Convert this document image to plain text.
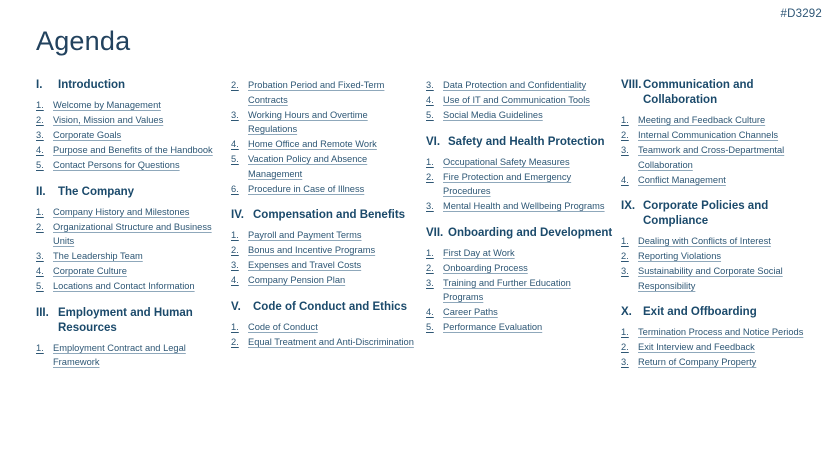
#D3292
Agenda
I.	Introduction
1. Welcome by Management
2. Vision, Mission and Values
3. Corporate Goals
4. Purpose and Benefits of the Handbook
5. Contact Persons for Questions
II.	The Company
1. Company History and Milestones
2. Organizational Structure and Business Units
3. The Leadership Team
4. Corporate Culture
5. Locations and Contact Information
III. Employment and Human Resources
1. Employment Contract and Legal Framework
2. Probation Period and Fixed-Term Contracts
3. Working Hours and Overtime Regulations
4. Home Office and Remote Work
5. Vacation Policy and Absence Management
6. Procedure in Case of Illness
IV. Compensation and Benefits
1. Payroll and Payment Terms
2. Bonus and Incentive Programs
3. Expenses and Travel Costs
4. Company Pension Plan
V.	Code of Conduct and Ethics
1. Code of Conduct
2. Equal Treatment and Anti-Discrimination
3. Data Protection and Confidentiality
4. Use of IT and Communication Tools
5. Social Media Guidelines
VI. Safety and Health Protection
1. Occupational Safety Measures
2. Fire Protection and Emergency Procedures
3. Mental Health and Wellbeing Programs
VII. Onboarding and Development
1. First Day at Work
2. Onboarding Process
3. Training and Further Education Programs
4. Career Paths
5. Performance Evaluation
VIII. Communication and Collaboration
1. Meeting and Feedback Culture
2. Internal Communication Channels
3. Teamwork and Cross-Departmental Collaboration
4. Conflict Management
IX. Corporate Policies and Compliance
1. Dealing with Conflicts of Interest
2. Reporting Violations
3. Sustainability and Corporate Social Responsibility
X. Exit and Offboarding
1. Termination Process and Notice Periods
2. Exit Interview and Feedback
3. Return of Company Property
